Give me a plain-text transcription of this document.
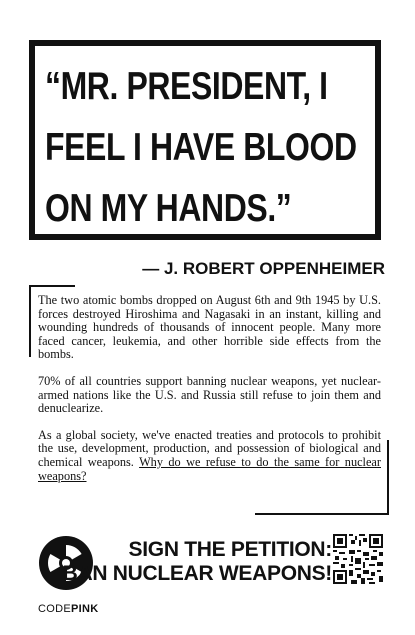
“MR. PRESIDENT, I
FEEL I HAVE BLOOD
ON MY HANDS.”
— J. ROBERT OPPENHEIMER

The two atomic bombs dropped on August 6th and 9th 1945 by U.S. forces destroyed Hiroshima and Nagasaki in an instant, killing and wounding hundreds of thousands of innocent people. Many more faced cancer, leukemia, and other horrible side effects from the bombs.

70% of all countries support banning nuclear weapons, yet nuclear-armed nations like the U.S. and Russia still refuse to join them and denuclearize.

As a global society, we've enacted treaties and protocols to prohibit the use, development, production, and possession of biological and chemical weapons. Why do we refuse to do the same for nuclear weapons?

SIGN THE PETITION:
BAN NUCLEAR WEAPONS!
CODEPINK
